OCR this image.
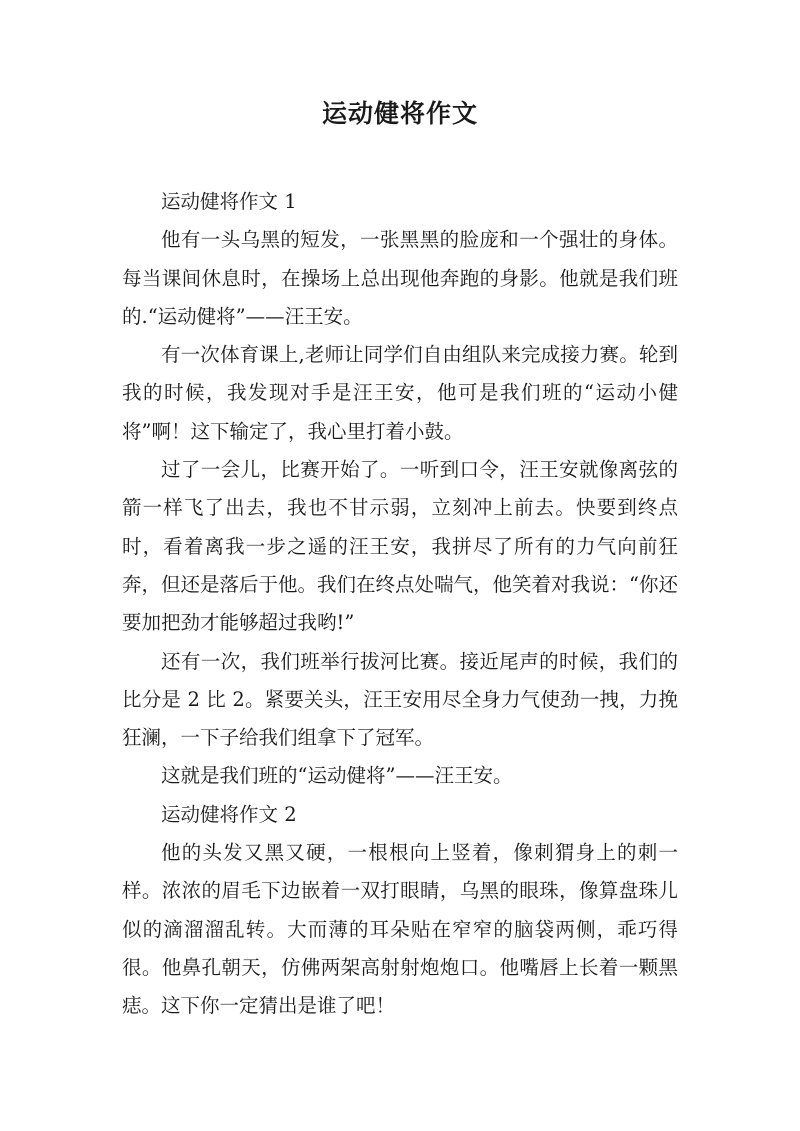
运动健将作文

运动健将作文 1

他有一头乌黑的短发，一张黑黑的脸庞和一个强壮的身体。每当课间休息时，在操场上总出现他奔跑的身影。他就是我们班的.“运动健将”——汪王安。

有一次体育课上,老师让同学们自由组队来完成接力赛。轮到我的时候，我发现对手是汪王安，他可是我们班的“运动小健将”啊！这下输定了，我心里打着小鼓。

过了一会儿，比赛开始了。一听到口令，汪王安就像离弦的箭一样飞了出去，我也不甘示弱，立刻冲上前去。快要到终点时，看着离我一步之遥的汪王安，我拼尽了所有的力气向前狂奔，但还是落后于他。我们在终点处喘气，他笑着对我说：“你还要加把劲才能够超过我哟!”

还有一次，我们班举行拔河比赛。接近尾声的时候，我们的比分是 2 比 2。紧要关头，汪王安用尽全身力气使劲一拽，力挽狂澜，一下子给我们组拿下了冠军。

这就是我们班的“运动健将”——汪王安。

运动健将作文 2

他的头发又黑又硬，一根根向上竖着，像刺猬身上的刺一样。浓浓的眉毛下边嵌着一双打眼睛，乌黑的眼珠，像算盘珠儿似的滴溜溜乱转。大而薄的耳朵贴在窄窄的脑袋两侧，乖巧得很。他鼻孔朝天，仿佛两架高射射炮炮口。他嘴唇上长着一颗黑痣。这下你一定猜出是谁了吧！
